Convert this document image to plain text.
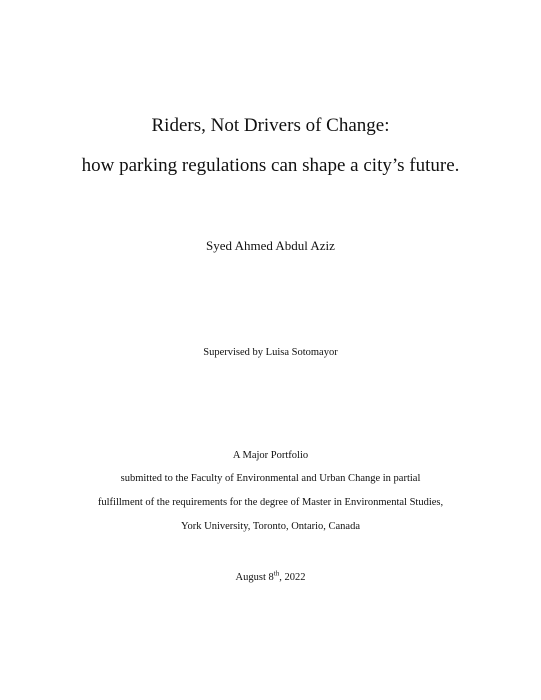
Riders, Not Drivers of Change:
how parking regulations can shape a city’s future.
Syed Ahmed Abdul Aziz
Supervised by Luisa Sotomayor
A Major Portfolio
submitted to the Faculty of Environmental and Urban Change in partial
fulfillment of the requirements for the degree of Master in Environmental Studies,
York University, Toronto, Ontario, Canada
August 8th, 2022
